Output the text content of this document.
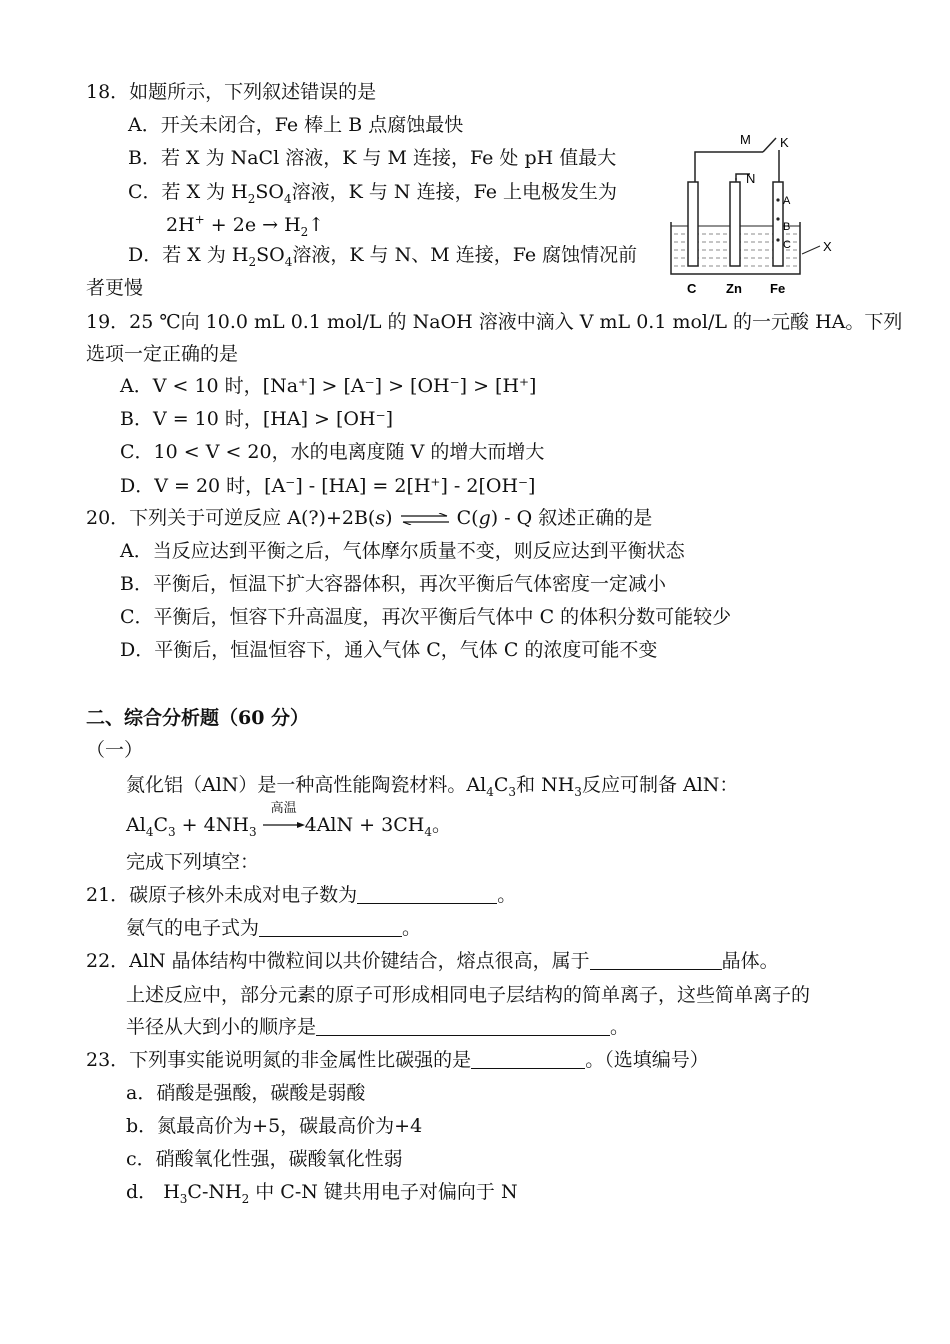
18．如题所示，下列叙述错误的是
A．开关未闭合，Fe 棒上 B 点腐蚀最快
B．若 X 为 NaCl 溶液，K 与 M 连接，Fe 处 pH 值最大
C．若 X 为 $H_2SO_4$溶液，K 与 N 连接，Fe 上电极发生为
$2H^+ + 2e \to H_2↑$
D．若 X 为 $H_2SO_4$溶液，K 与 N、M 连接，Fe 腐蚀情况前
者更慢
M K
N
A
B
C X
C Zn Fe
19．25 ℃向 10.0 mL 0.1 mol/L 的 NaOH 溶液中滴入 V mL 0.1 mol/L 的一元酸 HA。下列
选项一定正确的是
A．V < 10 时，[Na⁺] > [A⁻] > [OH⁻] > [H⁺]
B．V = 10 时，[HA] > [OH⁻]
C．10 < V < 20，水的电离度随 V 的增大而增大
D．V = 20 时，[A⁻] - [HA] = 2[H⁺] - 2[OH⁻]
20．下列关于可逆反应 A(?)+2B(s) ⇌ C(g) - Q 叙述正确的是
A．当反应达到平衡之后，气体摩尔质量不变，则反应达到平衡状态
B．平衡后，恒温下扩大容器体积，再次平衡后气体密度一定减小
C．平衡后，恒容下升高温度，再次平衡后气体中 C 的体积分数可能较少
D．平衡后，恒温恒容下，通入气体 C，气体 C 的浓度可能不变
二、综合分析题（60 分）
（一）
氮化铝（AlN）是一种高性能陶瓷材料。$Al_4C_3$和 $NH_3$反应可制备 AlN：
$Al_4C_3 + 4NH_3$
高温
$4AlN + 3CH_4$。
完成下列填空：
21．碳原子核外未成对电子数为	。
氨气的电子式为	。
22．AlN 晶体结构中微粒间以共价键结合，熔点很高，属于	晶体。
上述反应中，部分元素的原子可形成相同电子层结构的简单离子，这些简单离子的
半径从大到小的顺序是	。
23．下列事实能说明氮的非金属性比碳强的是	。（选填编号）
a．硝酸是强酸，碳酸是弱酸
b．氮最高价为+5，碳最高价为+4
c．硝酸氧化性强，碳酸氧化性弱
d． $H_3C-NH_2$ 中 C-N 键共用电子对偏向于 N
